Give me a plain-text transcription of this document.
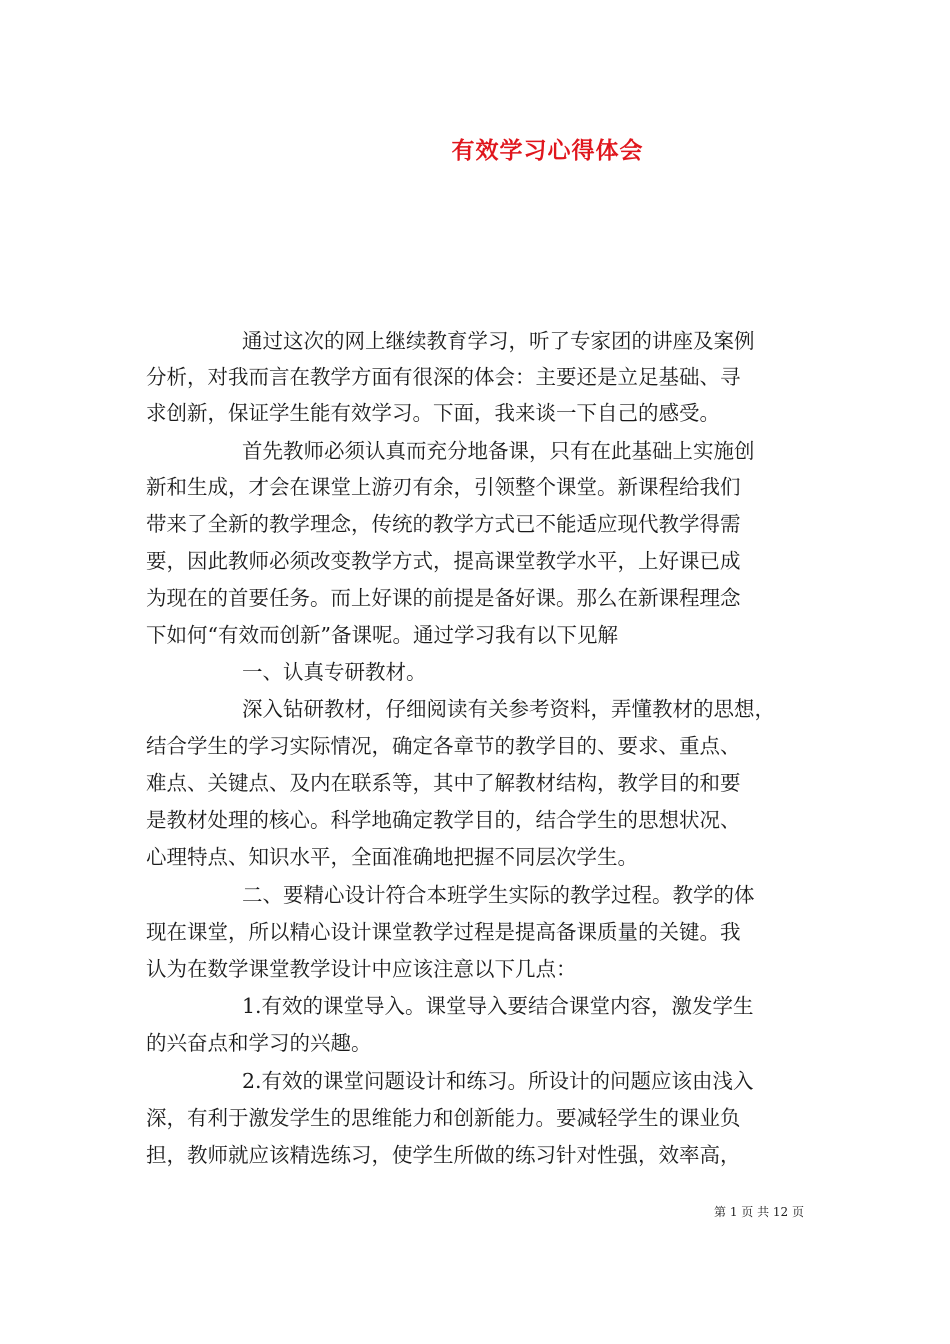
有效学习心得体会
通过这次的网上继续教育学习，听了专家团的讲座及案例
分析，对我而言在教学方面有很深的体会：主要还是立足基础、寻
求创新，保证学生能有效学习。下面，我来谈一下自己的感受。
首先教师必须认真而充分地备课，只有在此基础上实施创
新和生成，才会在课堂上游刃有余，引领整个课堂。新课程给我们
带来了全新的教学理念，传统的教学方式已不能适应现代教学得需
要，因此教师必须改变教学方式，提高课堂教学水平，上好课已成
为现在的首要任务。而上好课的前提是备好课。那么在新课程理念
下如何“有效而创新”备课呢。通过学习我有以下见解
一、认真专研教材。
深入钻研教材，仔细阅读有关参考资料，弄懂教材的思想，
结合学生的学习实际情况，确定各章节的教学目的、要求、重点、
难点、关键点、及内在联系等，其中了解教材结构，教学目的和要
是教材处理的核心。科学地确定教学目的，结合学生的思想状况、
心理特点、知识水平，全面准确地把握不同层次学生。
二、要精心设计符合本班学生实际的教学过程。教学的体
现在课堂，所以精心设计课堂教学过程是提高备课质量的关键。我
认为在数学课堂教学设计中应该注意以下几点：
1.有效的课堂导入。课堂导入要结合课堂内容，激发学生
的兴奋点和学习的兴趣。
2.有效的课堂问题设计和练习。所设计的问题应该由浅入
深，有利于激发学生的思维能力和创新能力。要减轻学生的课业负
担，教师就应该精选练习，使学生所做的练习针对性强，效率高，
第 1 页 共 12 页
